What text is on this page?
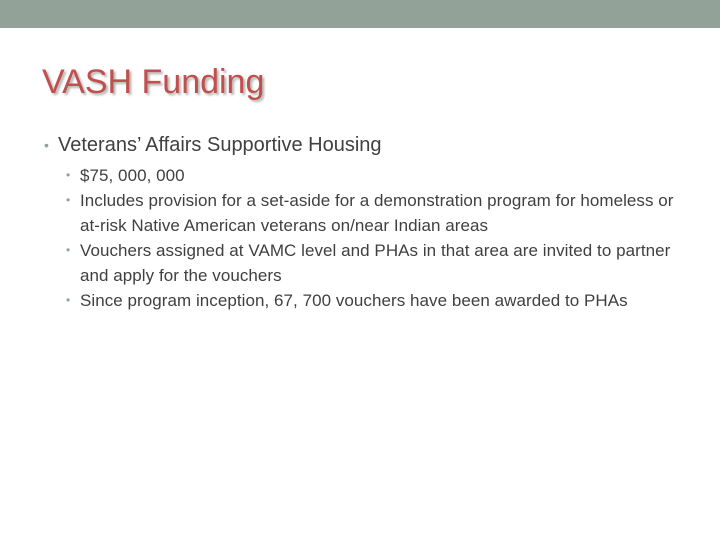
VASH Funding
• Veterans’ Affairs Supportive Housing
• $75, 000, 000
• Includes provision for a set-aside for a demonstration program for homeless or at-risk Native American veterans on/near Indian areas
• Vouchers assigned at VAMC level and PHAs in that area are invited to partner and apply for the vouchers
• Since program inception, 67, 700 vouchers have been awarded to PHAs
